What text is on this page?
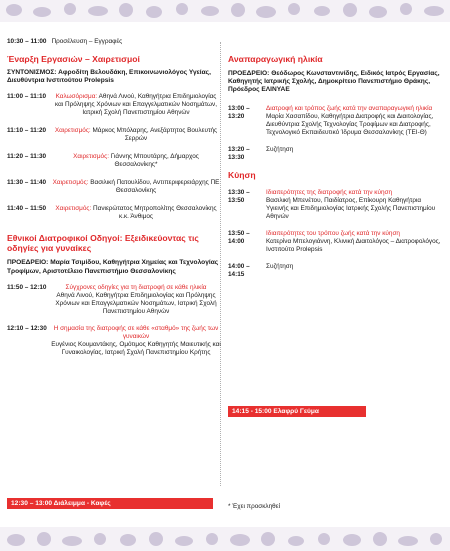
10:30 – 11:00 Προσέλευση – Εγγραφές
Έναρξη Εργασιών – Χαιρετισμοί
ΣΥΝΤΟΝΙΣΜΟΣ: Αφροδίτη Βελουδάκη, Επικοινωνιολόγος Υγείας, Διευθύντρια Ινστιτούτου Prolepsis
11:00 – 11:10	Καλωσόρισμα: Αθηνά Λινού, Καθηγήτρια Επιδημιολογίας και Πρόληψης Χρόνιων και Επαγγελματικών Νοσημάτων, Ιατρική Σχολή Πανεπιστημίου Αθηνών
11:10 – 11:20	Χαιρετισμός: Μάρκος Μπόλαρης, Ανεξάρτητος Βουλευτής Σερρών
11:20 – 11:30	Χαιρετισμός: Γιάννης Μπουτάρης, Δήμαρχος Θεσσαλονίκης*
11:30 – 11:40	Χαιρετισμός: Βασιλική Πατουλίδου, Αντιπεριφερειάρχης ΠΕ Θεσσαλονίκης
11:40 – 11:50	Χαιρετισμός: Πανιερώτατος Μητροπολίτης Θεσσαλονίκης κ.κ. Άνθιμος
Εθνικοί Διατροφικοί Οδηγοί: Εξειδικεύοντας τις οδηγίες για γυναίκες
ΠΡΟΕΔΡΕΙΟ: Μαρία Τσιμίδου, Καθηγήτρια Χημείας και Τεχνολογίας Τροφίμων, Αριστοτέλειο Πανεπιστήμιο Θεσσαλονίκης
11:50 – 12:10	Σύγχρονες οδηγίες για τη διατροφή σε κάθε ηλικία
Αθηνά Λινού, Καθηγήτρια Επιδημιολογίας και Πρόληψης Χρόνιων και Επαγγελματικών Νοσημάτων, Ιατρική Σχολή Πανεπιστημίου Αθηνών
12:10 – 12:30	Η σημασία της διατροφής σε κάθε «σταθμό» της ζωής των γυναικών
Ευγένιος Κουμαντάκης, Ομότιμος Καθηγητής Μαιευτικής και Γυναικολογίας, Ιατρική Σχολή Πανεπιστημίου Κρήτης
12:30 – 13:00 Διάλειμμα - Καφές
Αναπαραγωγική ηλικία
ΠΡΟΕΔΡΕΙΟ: Θεόδωρος Κωνσταντινίδης, Ειδικός Ιατρός Εργασίας, Καθηγητής Ιατρικής Σχολής, Δημοκρίτειο Πανεπιστήμιο Θράκης, Πρόεδρος ΕΛΙΝΥΑΕ
13:00 – 13:20
Διατροφή και τρόπος ζωής κατά την αναπαραγωγική ηλικία
Μαρία Χασαπίδου, Καθηγήτρια Διατροφής και Διαιτολογίας, Διευθύντρια Σχολής Τεχνολογίας Τροφίμων και Διατροφής, Τεχνολογικό Εκπαιδευτικό Ίδρυμα Θεσσαλονίκης (ΤΕΙ-Θ)
13:20 – 13:30
Συζήτηση
Κύηση
13:30 – 13:50
Ιδιαιτερότητες της διατροφής κατά την κύηση
Βασιλική Μπενέτου, Παιδίατρος, Επίκουρη Καθηγήτρια Υγιεινής και Επιδημιολογίας Ιατρικής Σχολής Πανεπιστημίου Αθηνών
13:50 – 14:00
Ιδιαιτερότητες του τρόπου ζωής κατά την κύηση
Κατερίνα Μπελογιάννη, Κλινική Διαιτολόγος – Διατροφολόγος, Ινστιτούτο Prolepsis
14:00 – 14:15
Συζήτηση
14:15 - 15:00 Ελαφρύ Γεύμα
* Έχει προσκληθεί
